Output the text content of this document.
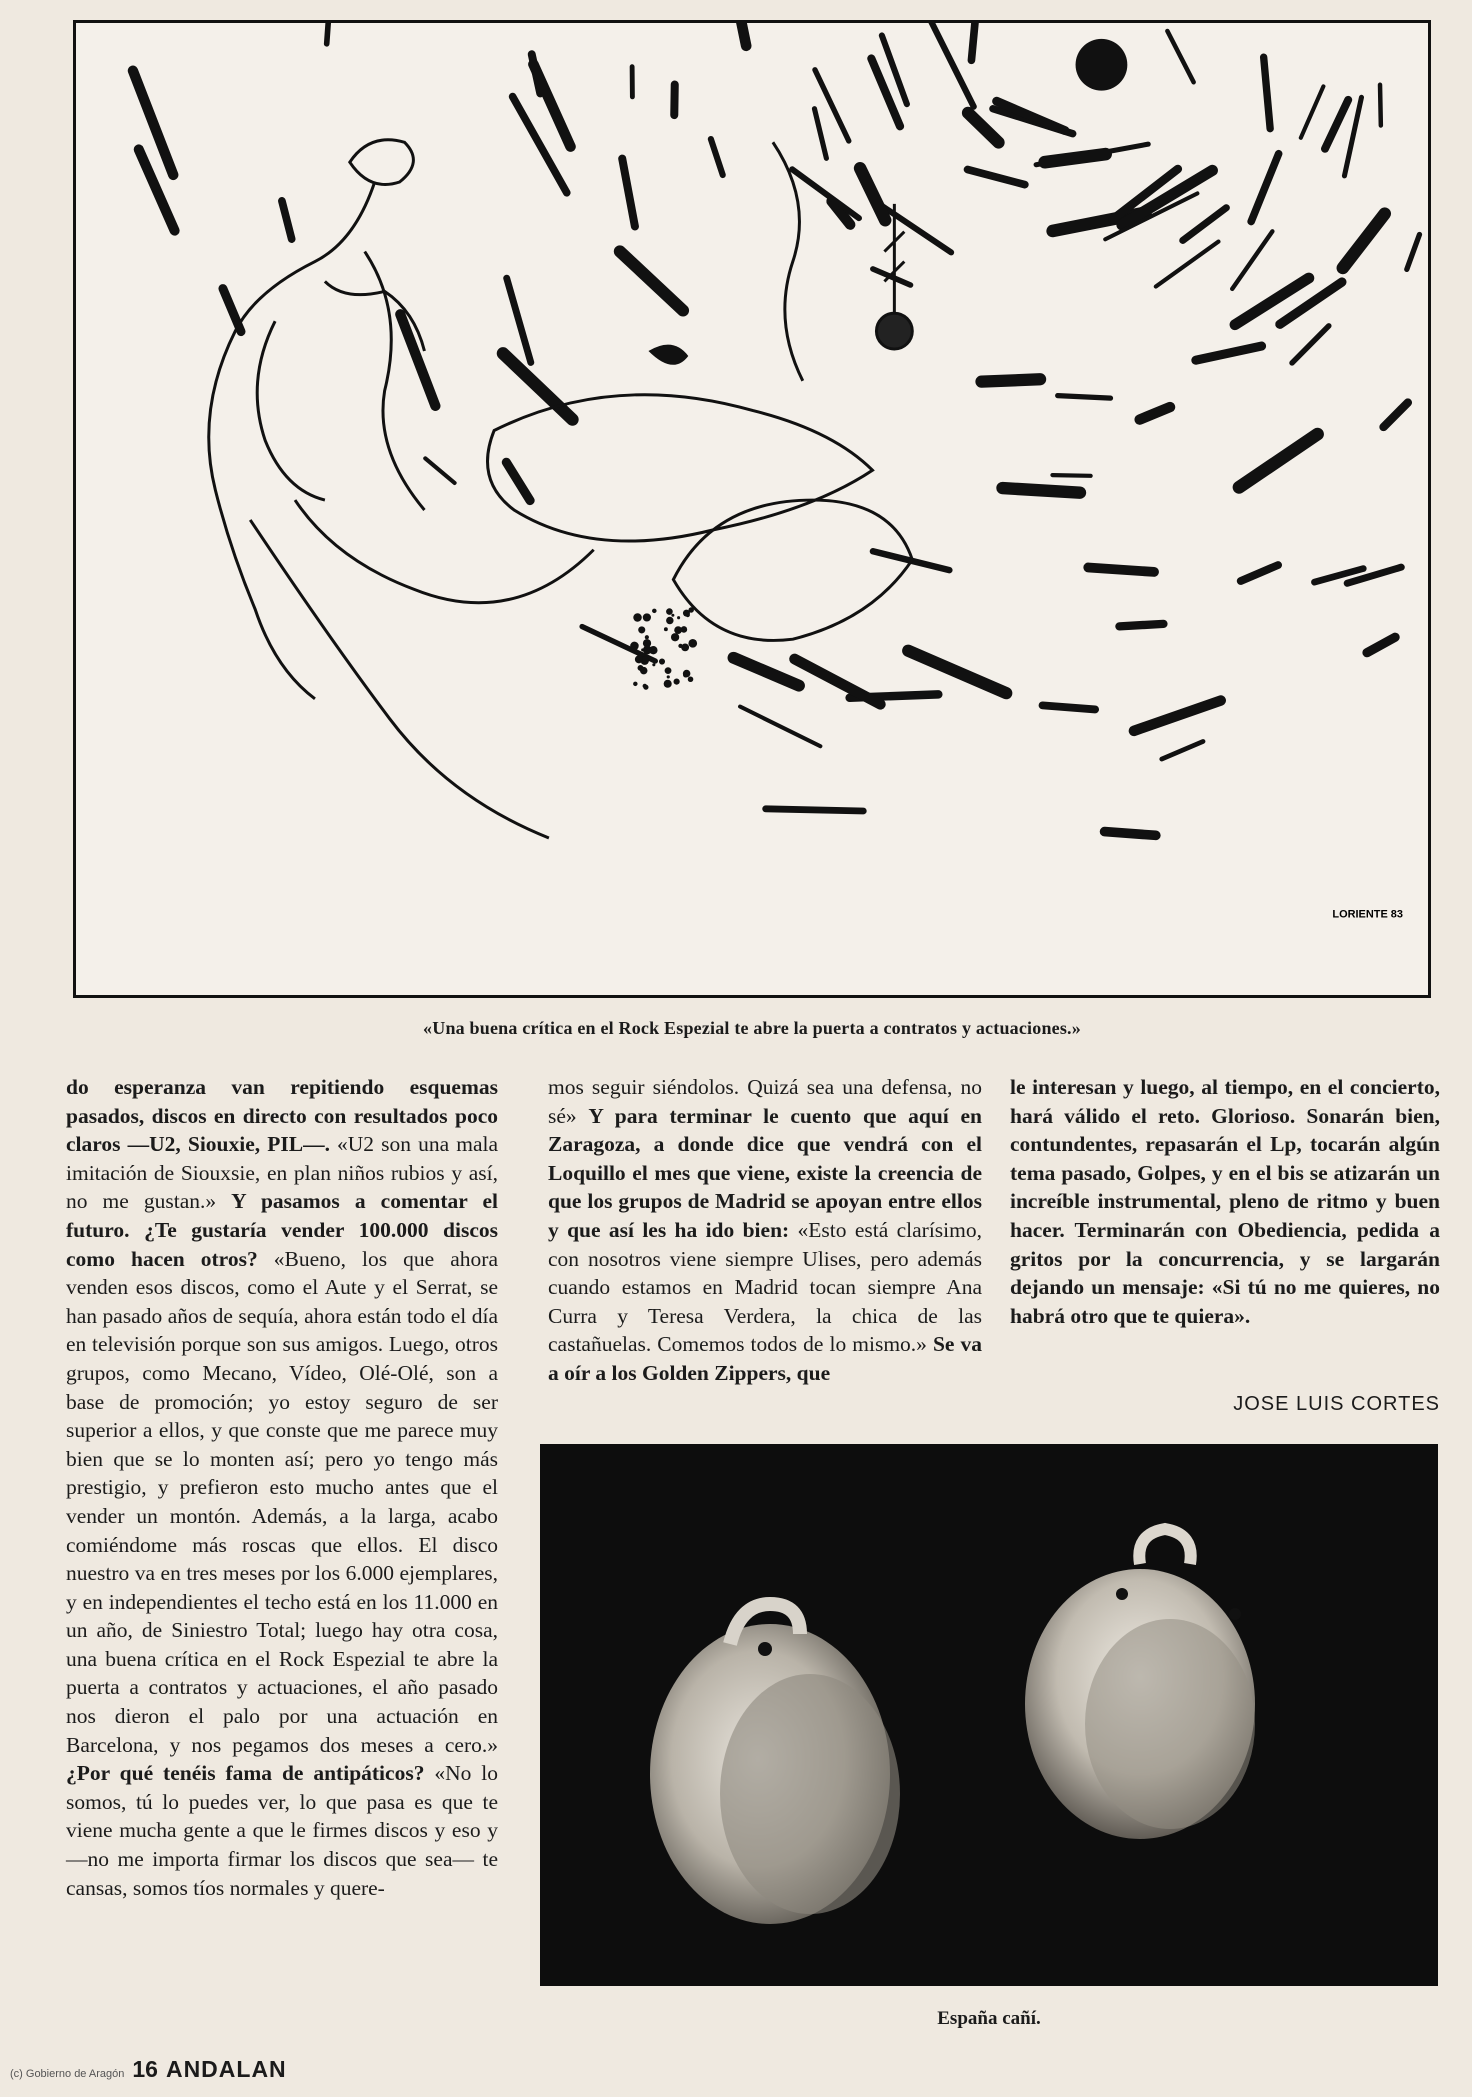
LORIENTE 83
«Una buena crítica en el Rock Espezial te abre la puerta a contratos y actuaciones.»

do esperanza van repitiendo esquemas pasados, discos en directo con resultados poco claros —U2, Siouxie, PIL—. «U2 son una mala imitación de Siouxsie, en plan niños rubios y así, no me gustan.» Y pasamos a comentar el futuro. ¿Te gustaría vender 100.000 discos como hacen otros? «Bueno, los que ahora venden esos discos, como el Aute y el Serrat, se han pasado años de sequía, ahora están todo el día en televisión porque son sus amigos. Luego, otros grupos, como Mecano, Vídeo, Olé-Olé, son a base de promoción; yo estoy seguro de ser superior a ellos, y que conste que me parece muy bien que se lo monten así; pero yo tengo más prestigio, y prefieron esto mucho antes que el vender un montón. Además, a la larga, acabo comiéndome más roscas que ellos. El disco nuestro va en tres meses por los 6.000 ejemplares, y en independientes el techo está en los 11.000 en un año, de Siniestro Total; luego hay otra cosa, una buena crítica en el Rock Espezial te abre la puerta a contratos y actuaciones, el año pasado nos dieron el palo por una actuación en Barcelona, y nos pegamos dos meses a cero.» ¿Por qué tenéis fama de antipáticos? «No lo somos, tú lo puedes ver, lo que pasa es que te viene mucha gente a que le firmes discos y eso y —no me importa firmar los discos que sea— te cansas, somos tíos normales y quere-

mos seguir siéndolos. Quizá sea una defensa, no sé» Y para terminar le cuento que aquí en Zaragoza, a donde dice que vendrá con el Loquillo el mes que viene, existe la creencia de que los grupos de Madrid se apoyan entre ellos y que así les ha ido bien: «Esto está clarísimo, con nosotros viene siempre Ulises, pero además cuando estamos en Madrid tocan siempre Ana Curra y Teresa Verdera, la chica de las castañuelas. Comemos todos de lo mismo.» Se va a oír a los Golden Zippers, que

le interesan y luego, al tiempo, en el concierto, hará válido el reto. Glorioso. Sonarán bien, contundentes, repasarán el Lp, tocarán algún tema pasado, Golpes, y en el bis se atizarán un increíble instrumental, pleno de ritmo y buen hacer. Terminarán con Obediencia, pedida a gritos por la concurrencia, y se largarán dejando un mensaje: «Si tú no me quieres, no habrá otro que te quiera».

JOSE LUIS CORTES
España cañí.
(c) Gobierno de Aragón 16 ANDALAN
